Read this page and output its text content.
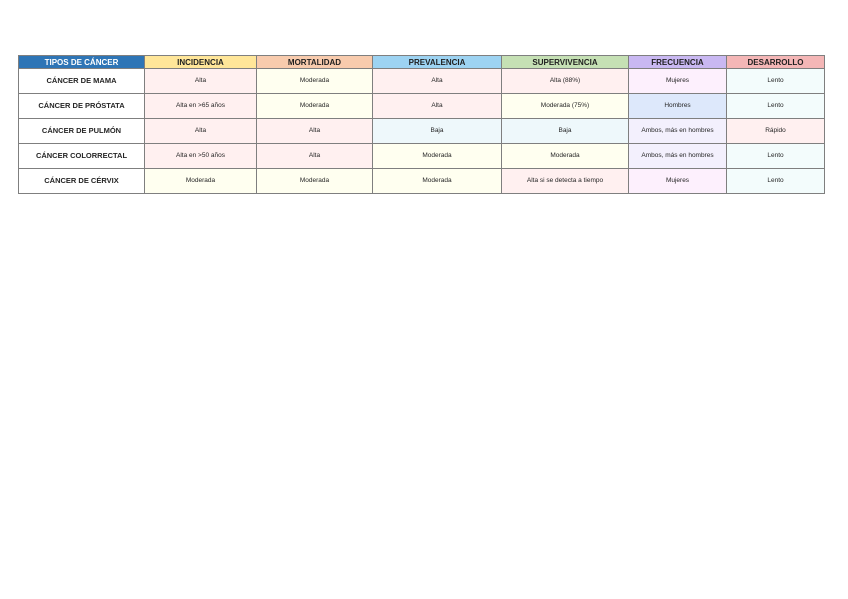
TIPOS DE CÁNCER	INCIDENCIA	MORTALIDAD	PREVALENCIA	SUPERVIVENCIA	FRECUENCIA	DESARROLLO
CÁNCER DE MAMA	Alta	Moderada	Alta	Alta (88%)	Mujeres	Lento
CÁNCER DE PRÓSTATA	Alta en >65 años	Moderada	Alta	Moderada (75%)	Hombres	Lento
CÁNCER DE PULMÓN	Alta	Alta	Baja	Baja	Ambos, más en hombres	Rápido
CÁNCER COLORRECTAL	Alta en >50 años	Alta	Moderada	Moderada	Ambos, más en hombres	Lento
CÁNCER DE CÉRVIX	Moderada	Moderada	Moderada	Alta si se detecta a tiempo	Mujeres	Lento
